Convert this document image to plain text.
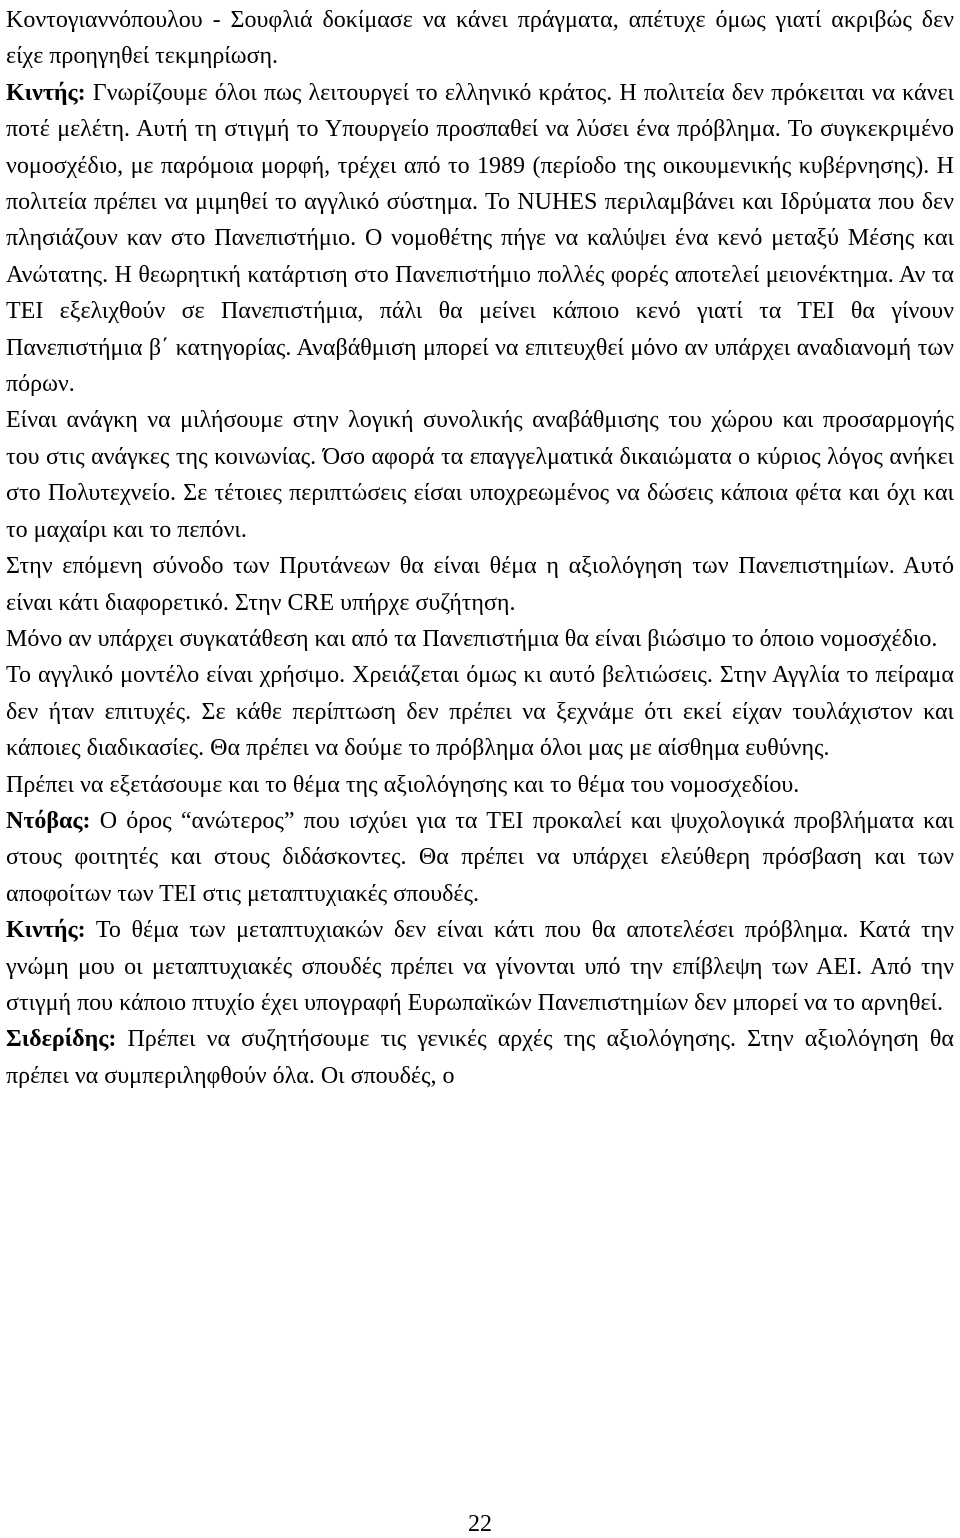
Κοντογιαννόπουλου - Σουφλιά δοκίμασε να κάνει πράγματα, απέτυχε όμως γιατί ακριβώς δεν είχε προηγηθεί τεκμηρίωση.

Κιντής: Γνωρίζουμε όλοι πως λειτουργεί το ελληνικό κράτος. Η πολιτεία δεν πρόκειται να κάνει ποτέ μελέτη. Αυτή τη στιγμή το Υπουργείο προσπαθεί να λύσει ένα πρόβλημα. Το συγκεκριμένο νομοσχέδιο, με παρόμοια μορφή, τρέχει από το 1989 (περίοδο της οικουμενικής κυβέρνησης). Η πολιτεία πρέπει να μιμηθεί το αγγλικό σύστημα. Το NUHES περιλαμβάνει και Ιδρύματα που δεν πλησιάζουν καν στο Πανεπιστήμιο. Ο νομοθέτης πήγε να καλύψει ένα κενό μεταξύ Μέσης και Ανώτατης. Η θεωρητική κατάρτιση στο Πανεπιστήμιο πολλές φορές αποτελεί μειονέκτημα. Αν τα ΤΕΙ εξελιχθούν σε Πανεπιστήμια, πάλι θα μείνει κάποιο κενό γιατί τα ΤΕΙ θα γίνουν Πανεπιστήμια β΄ κατηγορίας. Αναβάθμιση μπορεί να επιτευχθεί μόνο αν υπάρχει αναδιανομή των πόρων.

Είναι ανάγκη να μιλήσουμε στην λογική συνολικής αναβάθμισης του χώρου και προσαρμογής του στις ανάγκες της κοινωνίας. Όσο αφορά τα επαγγελματικά δικαιώματα ο κύριος λόγος ανήκει στο Πολυτεχνείο. Σε τέτοιες περιπτώσεις είσαι υποχρεωμένος να δώσεις κάποια φέτα και όχι και το μαχαίρι και το πεπόνι.

Στην επόμενη σύνοδο των Πρυτάνεων θα είναι θέμα η αξιολόγηση των Πανεπιστημίων. Αυτό είναι κάτι διαφορετικό. Στην CRE υπήρχε συζήτηση.

Μόνο αν υπάρχει συγκατάθεση και από τα Πανεπιστήμια θα είναι βιώσιμο το όποιο νομοσχέδιο.

Το αγγλικό μοντέλο είναι χρήσιμο. Χρειάζεται όμως κι αυτό βελτιώσεις. Στην Αγγλία το πείραμα δεν ήταν επιτυχές. Σε κάθε περίπτωση δεν πρέπει να ξεχνάμε ότι εκεί είχαν τουλάχιστον και κάποιες διαδικασίες. Θα πρέπει να δούμε το πρόβλημα όλοι μας με αίσθημα ευθύνης.

Πρέπει να εξετάσουμε και το θέμα της αξιολόγησης και το θέμα του νομοσχεδίου.

Ντόβας: Ο όρος “ανώτερος” που ισχύει για τα ΤΕΙ προκαλεί και ψυχολογικά προβλήματα και στους φοιτητές και στους διδάσκοντες. Θα πρέπει να υπάρχει ελεύθερη πρόσβαση και των αποφοίτων των ΤΕΙ στις μεταπτυχιακές σπουδές.

Κιντής: Το θέμα των μεταπτυχιακών δεν είναι κάτι που θα αποτελέσει πρόβλημα. Κατά την γνώμη μου οι μεταπτυχιακές σπουδές πρέπει να γίνονται υπό την επίβλεψη των ΑΕΙ. Από την στιγμή που κάποιο πτυχίο έχει υπογραφή Ευρωπαϊκών Πανεπιστημίων δεν μπορεί να το αρνηθεί.

Σιδερίδης: Πρέπει να συζητήσουμε τις γενικές αρχές της αξιολόγησης. Στην αξιολόγηση θα πρέπει να συμπεριληφθούν όλα. Οι σπουδές, ο

22
